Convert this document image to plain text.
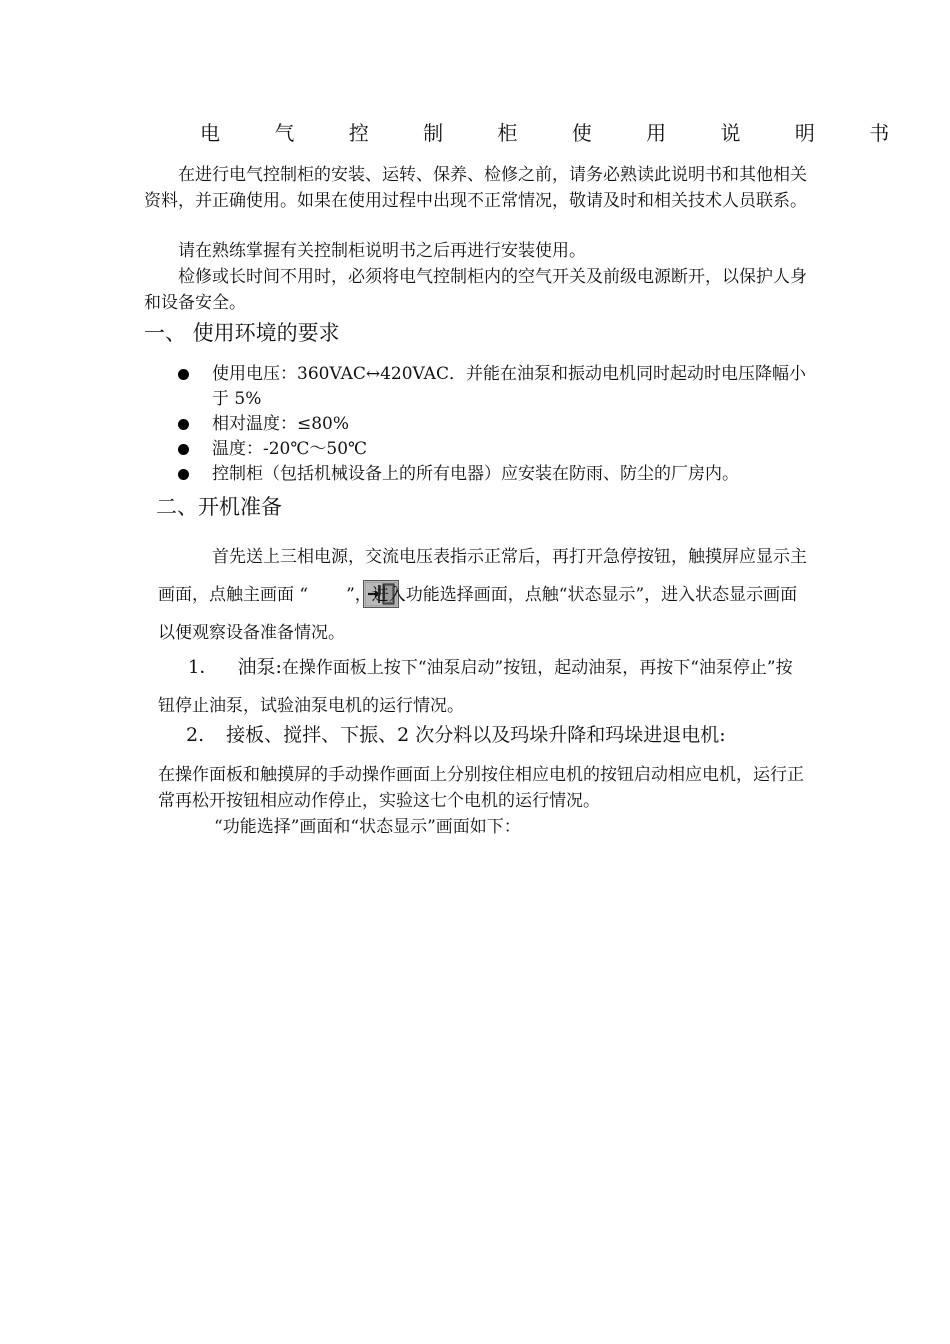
电 气 控 制 柜 使 用 说 明 书
在进行电气控制柜的安装、运转、保养、检修之前，请务必熟读此说明书和其他相关资料，并正确使用。如果在使用过程中出现不正常情况，敬请及时和相关技术人员联系。
请在熟练掌握有关控制柜说明书之后再进行安装使用。
检修或长时间不用时，必须将电气控制柜内的空气开关及前级电源断开，以保护人身和设备安全。
一、 使用环境的要求
使用电压：360VAC↔420VAC．并能在油泵和振动电机同时起动时电压降幅小于 5%
相对温度：≤80%
温度：-20℃～50℃
控制柜（包括机械设备上的所有电器）应安装在防雨、防尘的厂房内。
二、开机准备
首先送上三相电源，交流电压表指示正常后，再打开急停按钮，触摸屏应显示主画面，点触主画面 “ ”，进入功能选择画面，点触“状态显示”，进入状态显示画面以便观察设备准备情况。
1． 油泵:在操作面板上按下“油泵启动”按钮，起动油泵，再按下“油泵停止”按钮停止油泵，试验油泵电机的运行情况。
2. 接板、搅拌、下振、2 次分料以及玛垛升降和玛垛进退电机:
在操作面板和触摸屏的手动操作画面上分别按住相应电机的按钮启动相应电机，运行正常再松开按钮相应动作停止，实验这七个电机的运行情况。
“功能选择”画面和“状态显示”画面如下：
